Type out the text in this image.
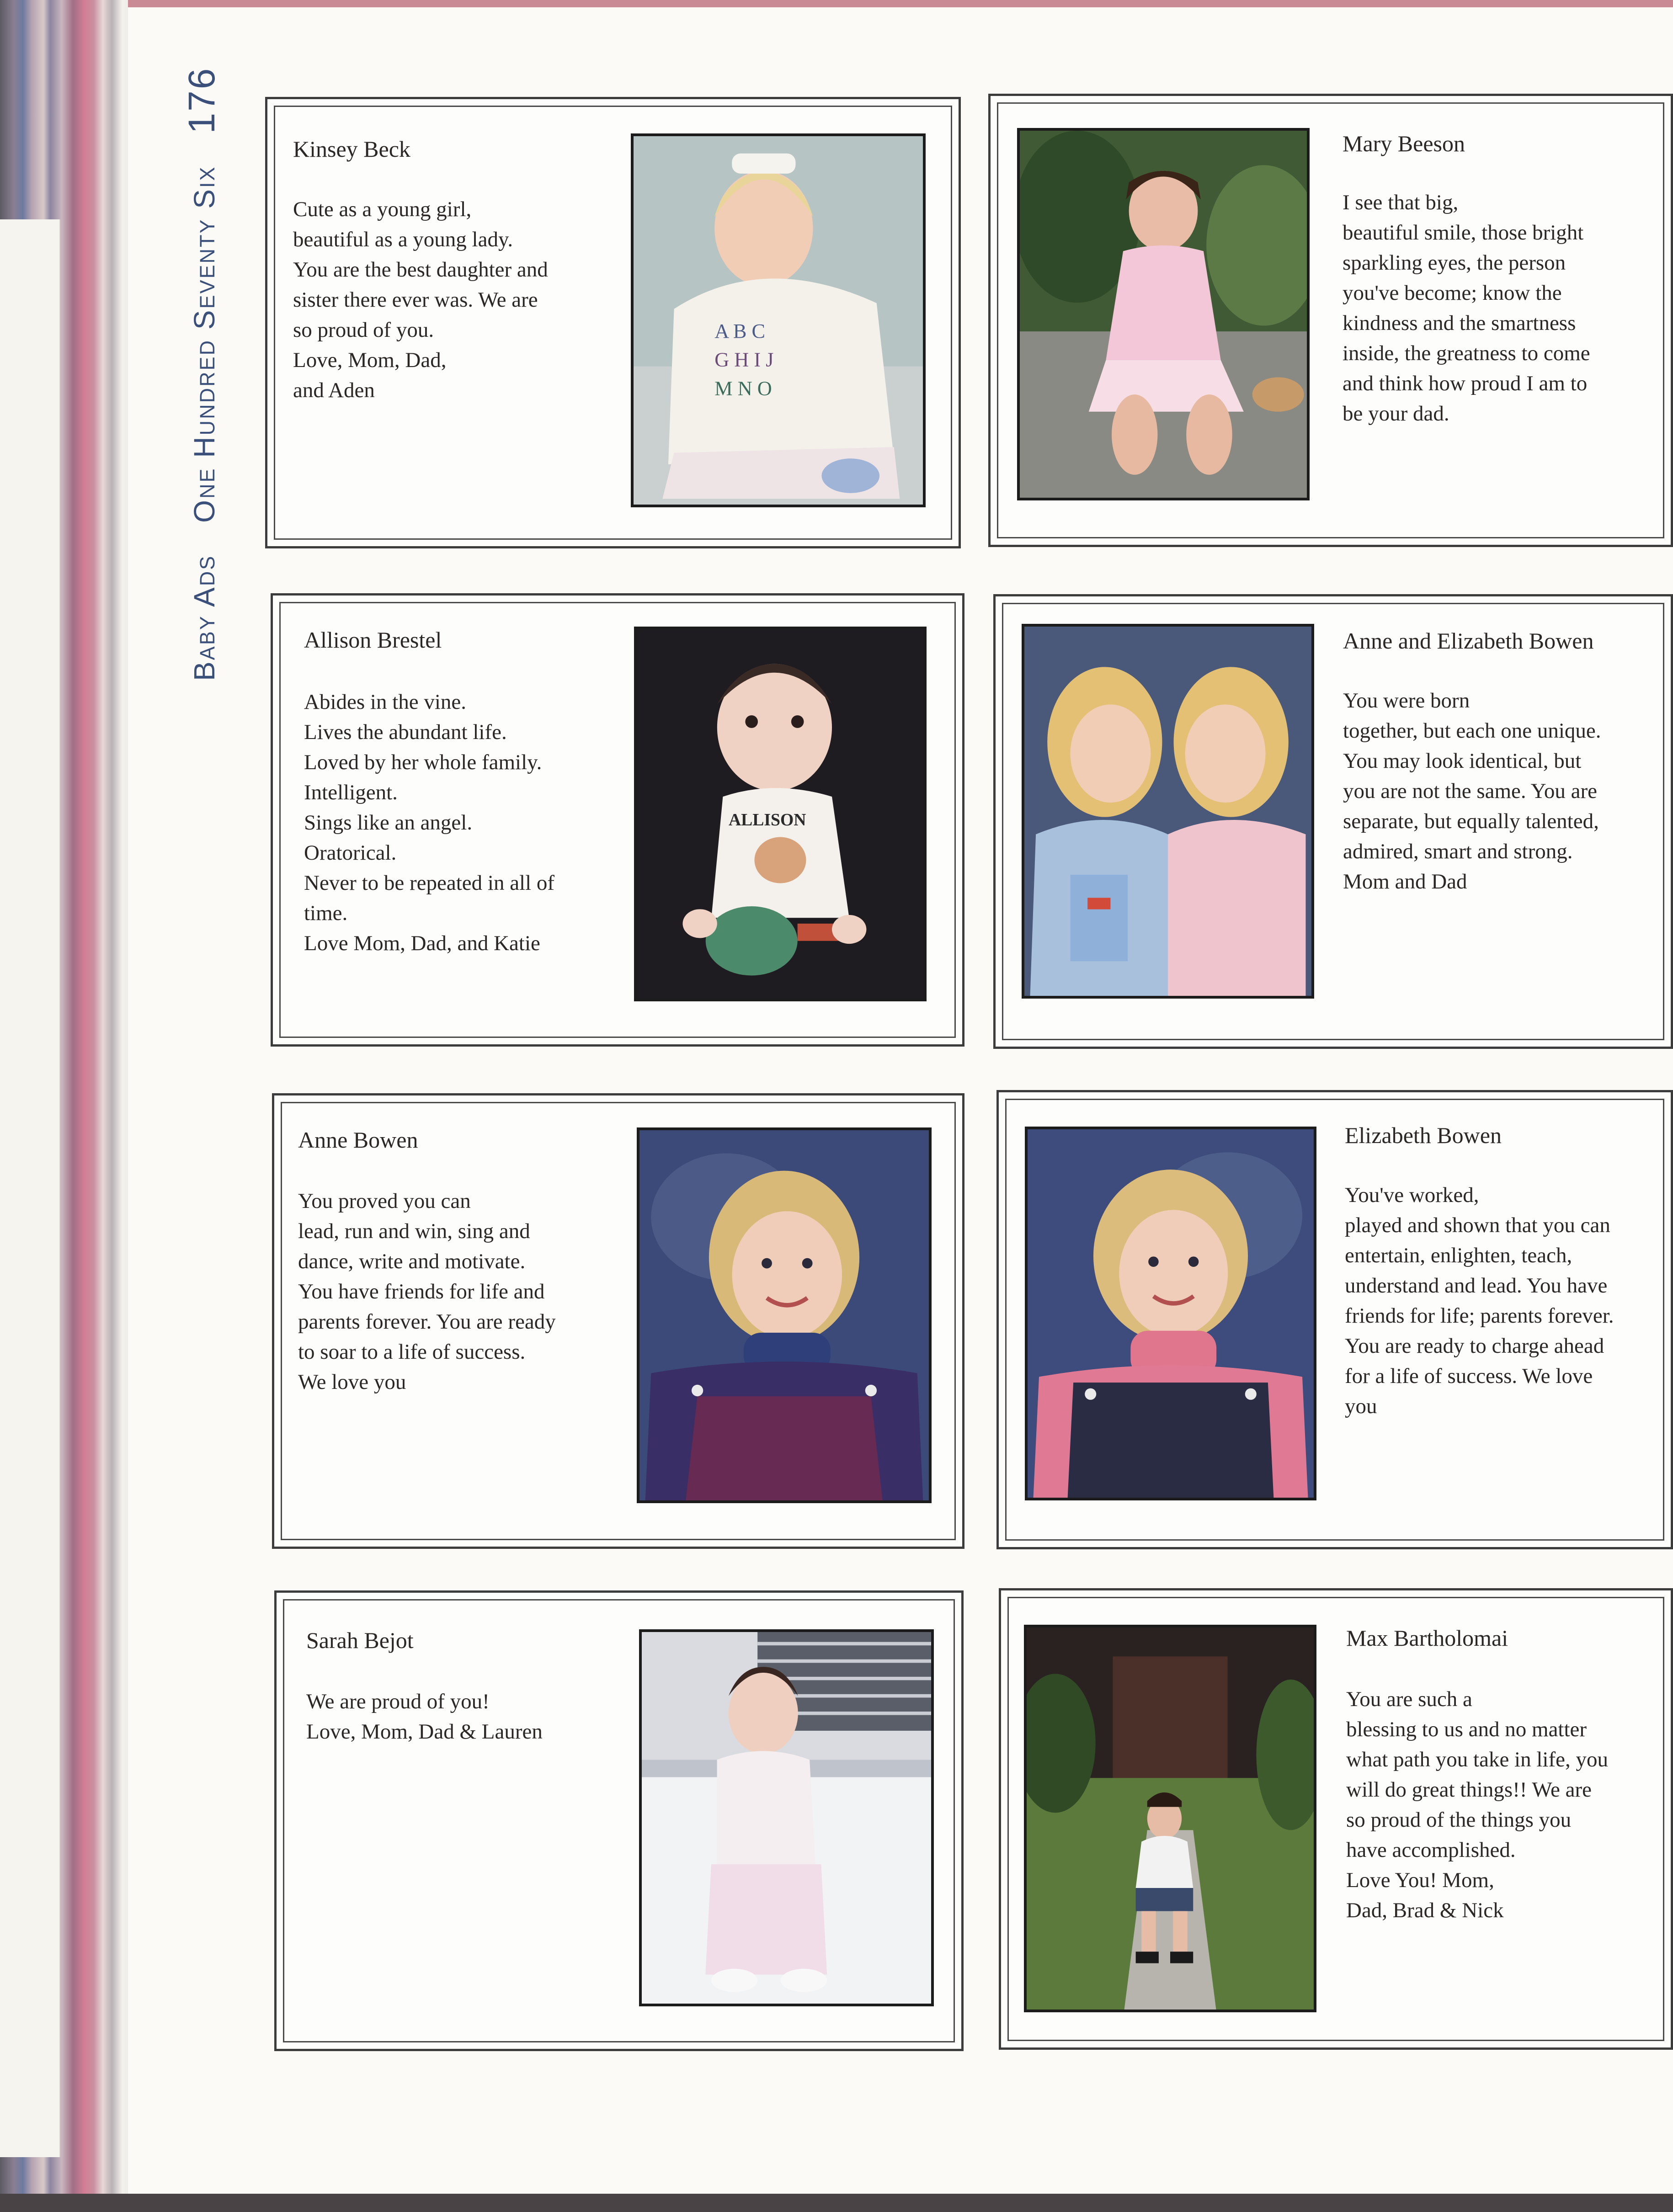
Baby Ads
One Hundred Seventy Six
176
Kinsey Beck
Cute as a young girl,
beautiful as a young lady.
You are the best daughter and
sister there ever was. We are
so proud of you.
Love, Mom, Dad,
and Aden
A B C
G H I J
M N O
Mary Beeson
I see that big,
beautiful smile, those bright
sparkling eyes, the person
you've become; know the
kindness and the smartness
inside, the greatness to come
and think how proud I am to
be your dad.
Allison Brestel
Abides in the vine.
Lives the abundant life.
Loved by her whole family.
Intelligent.
Sings like an angel.
Oratorical.
Never to be repeated in all of
time.
Love Mom, Dad, and Katie
ALLISON
Anne and Elizabeth Bowen
You were born
together, but each one unique.
You may look identical, but
you are not the same. You are
separate, but equally talented,
admired, smart and strong.
Mom and Dad
Anne Bowen
You proved you can
lead, run and win, sing and
dance, write and motivate.
You have friends for life and
parents forever. You are ready
to soar to a life of success.
We love you
Elizabeth Bowen
You've worked,
played and shown that you can
entertain, enlighten, teach,
understand and lead. You have
friends for life; parents forever.
You are ready to charge ahead
for a life of success. We love
you
Sarah Bejot
We are proud of you!
Love, Mom, Dad & Lauren
Max Bartholomai
You are such a
blessing to us and no matter
what path you take in life, you
will do great things!! We are
so proud of the things you
have accomplished.
Love You! Mom,
Dad, Brad & Nick
